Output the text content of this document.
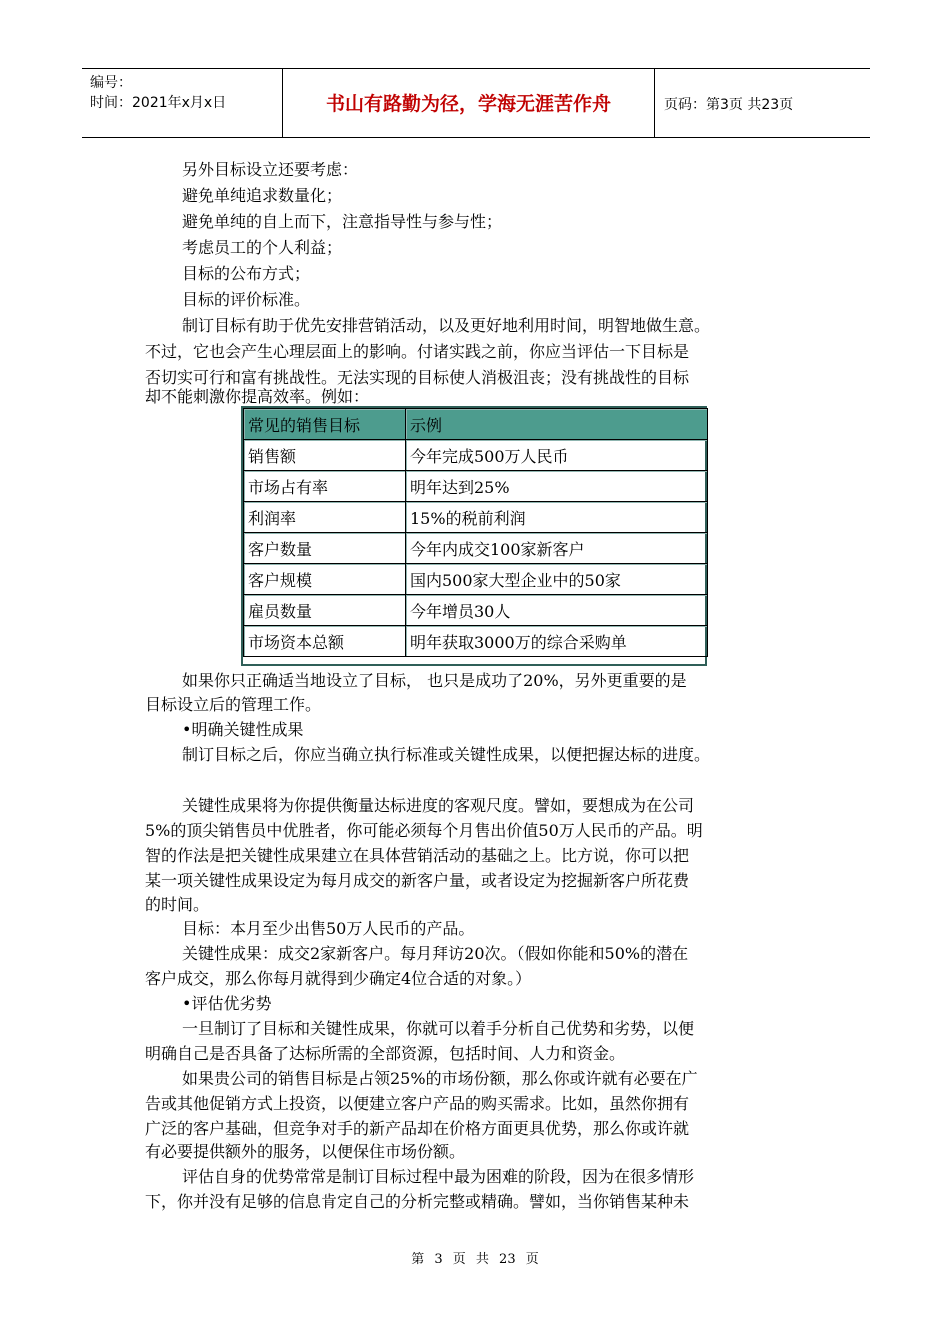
编号：
时间：2021年x月x日	书山有路勤为径，学海无涯苦作舟	页码：第3页 共23页
另外目标设立还要考虑：
避免单纯追求数量化；
避免单纯的自上而下，注意指导性与参与性；
考虑员工的个人利益；
目标的公布方式；
目标的评价标准。
制订目标有助于优先安排营销活动，以及更好地利用时间，明智地做生意。
不过，它也会产生心理层面上的影响。付诸实践之前，你应当评估一下目标是
否切实可行和富有挑战性。无法实现的目标使人消极沮丧；没有挑战性的目标
却不能刺激你提高效率。例如：
常见的销售目标	示例
销售额	今年完成500万人民币
市场占有率	明年达到25%
利润率	15%的税前利润
客户数量	今年内成交100家新客户
客户规模	国内500家大型企业中的50家
雇员数量	今年增员30人
市场资本总额	明年获取3000万的综合采购单
如果你只正确适当地设立了目标， 也只是成功了20%，另外更重要的是
目标设立后的管理工作。
•明确关键性成果
制订目标之后，你应当确立执行标准或关键性成果，以便把握达标的进度。
关键性成果将为你提供衡量达标进度的客观尺度。譬如，要想成为在公司
5%的顶尖销售员中优胜者，你可能必须每个月售出价值50万人民币的产品。明
智的作法是把关键性成果建立在具体营销活动的基础之上。比方说，你可以把
某一项关键性成果设定为每月成交的新客户量，或者设定为挖掘新客户所花费
的时间。
目标：本月至少出售50万人民币的产品。
关键性成果：成交2家新客户。每月拜访20次。（假如你能和50%的潜在
客户成交，那么你每月就得到少确定4位合适的对象。）
•评估优劣势
一旦制订了目标和关键性成果，你就可以着手分析自己优势和劣势，以便
明确自己是否具备了达标所需的全部资源，包括时间、人力和资金。
如果贵公司的销售目标是占领25%的市场份额，那么你或许就有必要在广
告或其他促销方式上投资，以便建立客户产品的购买需求。比如，虽然你拥有
广泛的客户基础，但竞争对手的新产品却在价格方面更具优势，那么你或许就
有必要提供额外的服务，以便保住市场份额。
评估自身的优势常常是制订目标过程中最为困难的阶段，因为在很多情形
下，你并没有足够的信息肯定自己的分析完整或精确。譬如，当你销售某种未
第 3 页 共 23 页
